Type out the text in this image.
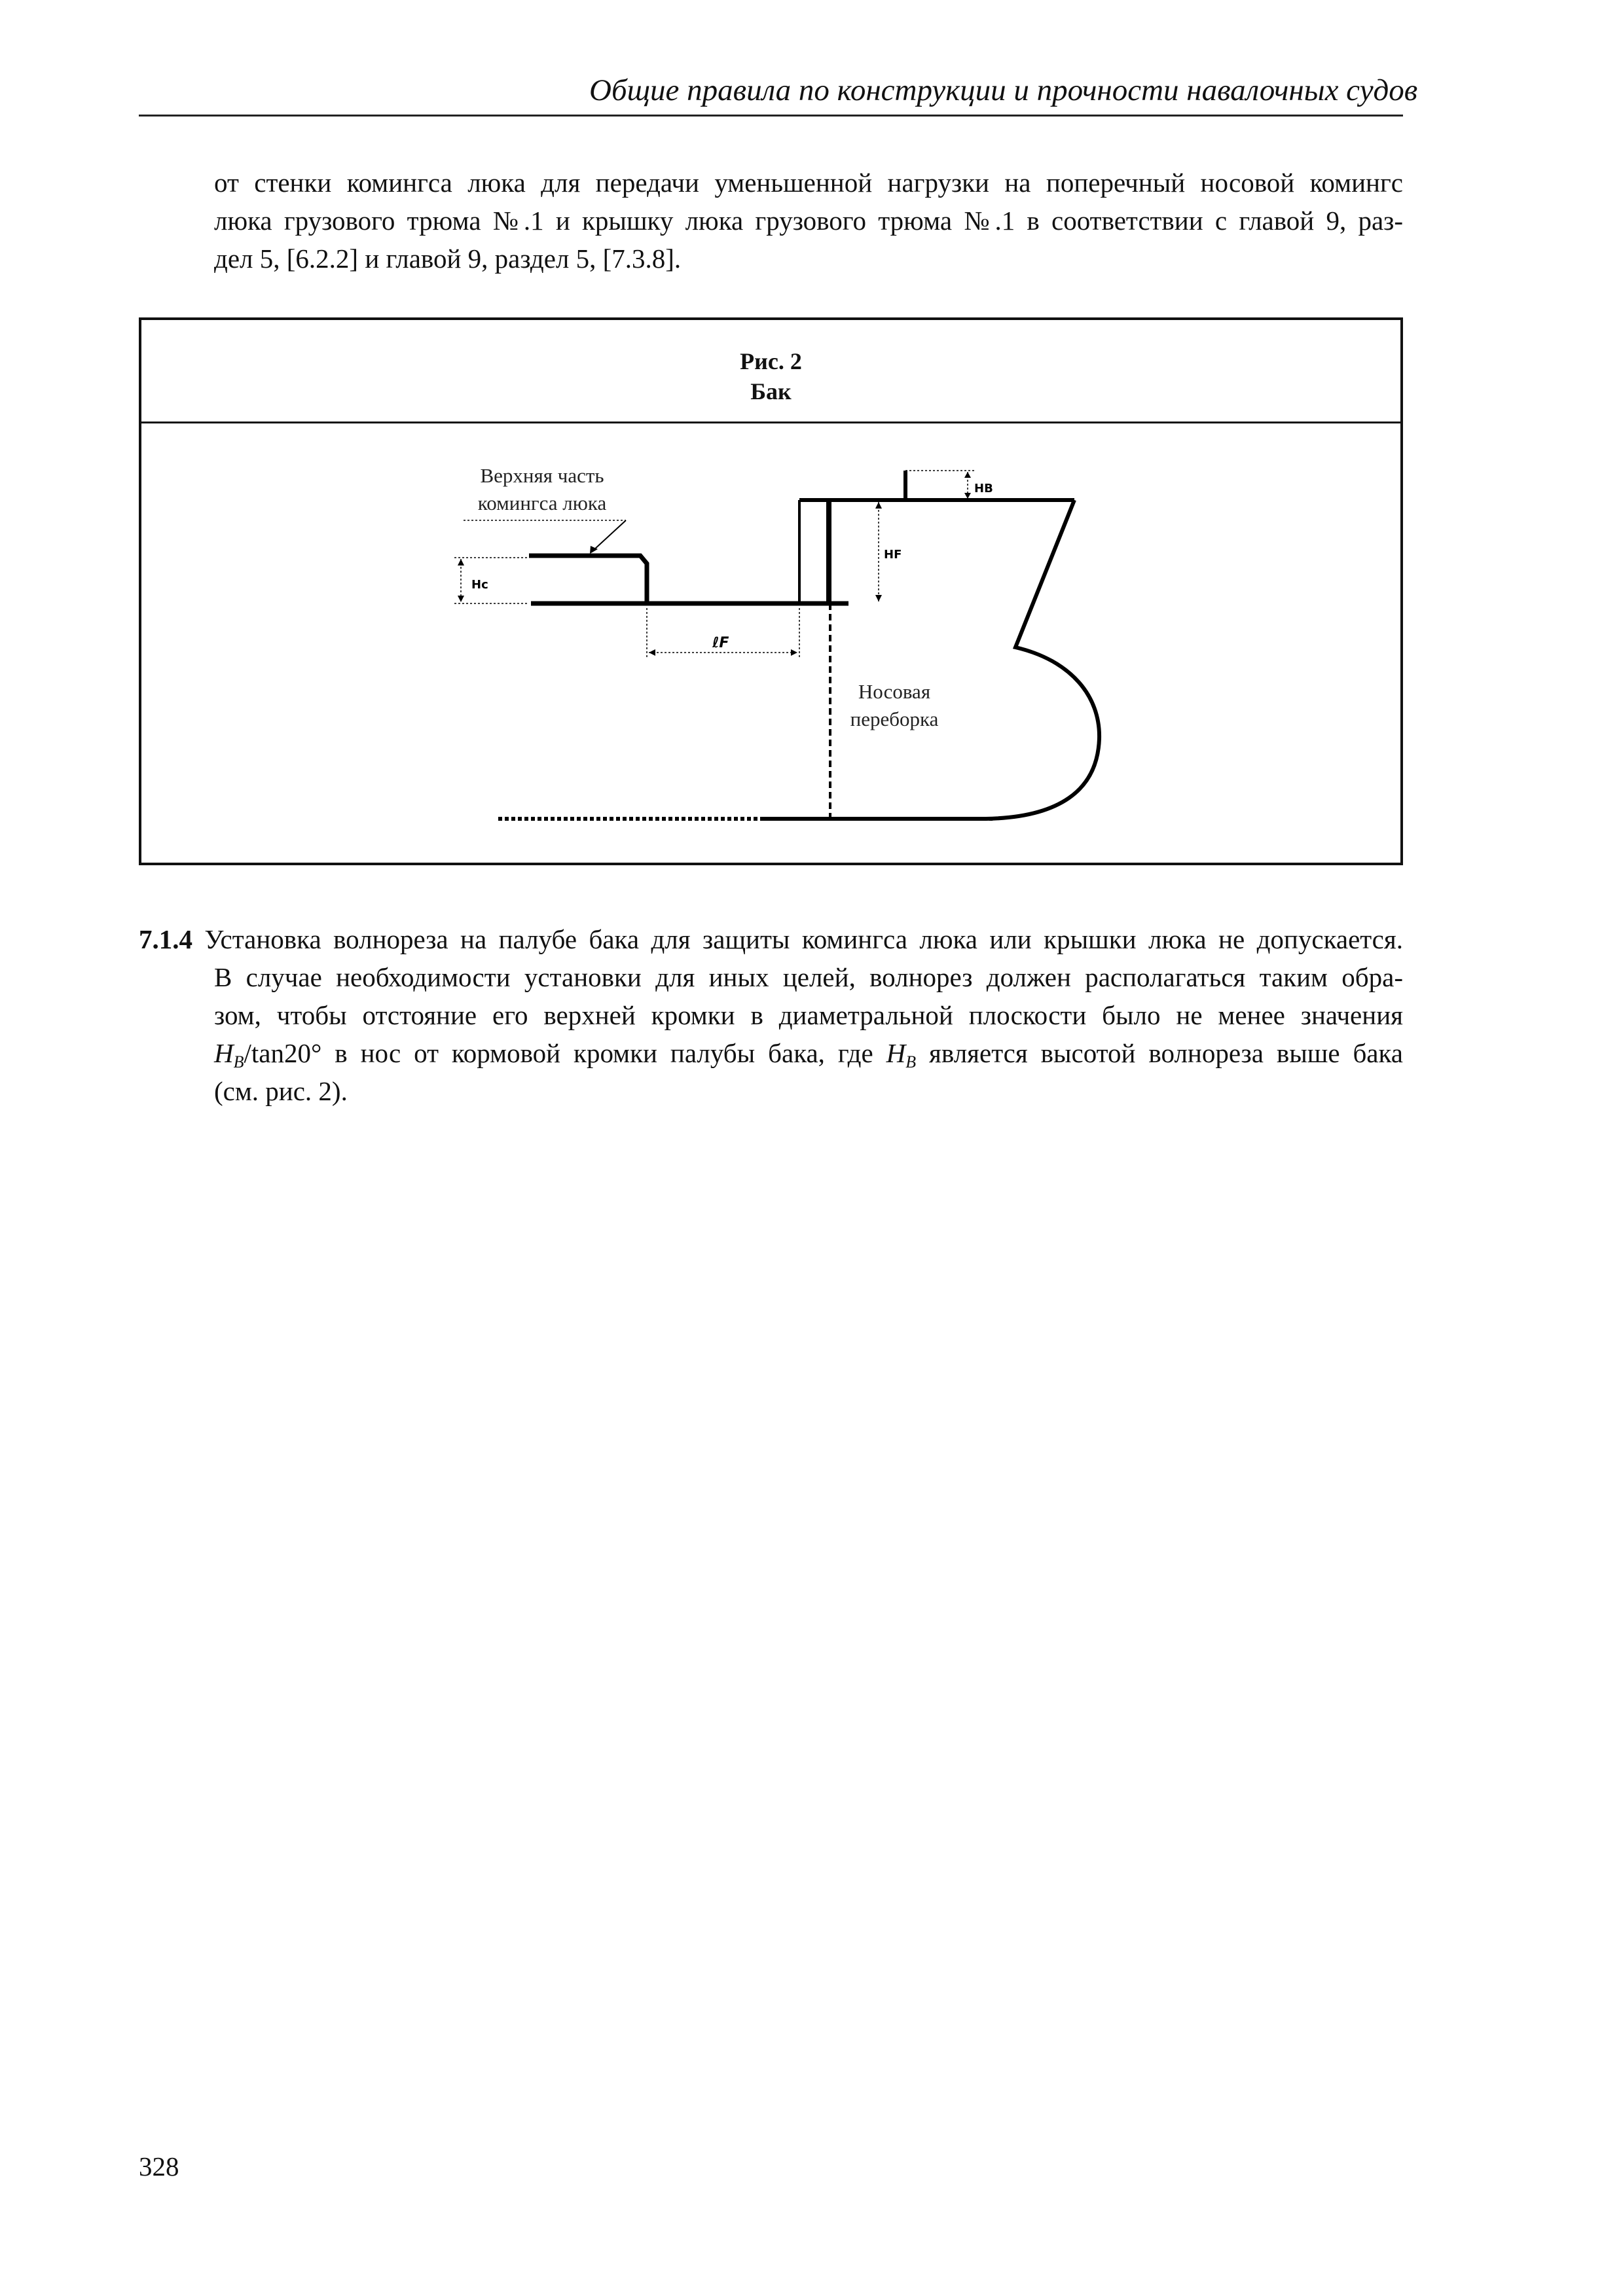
Общие правила по конструкции и прочности навалочных судов
от стенки комингса люка для передачи уменьшенной нагрузки на поперечный носовой комингс
люка грузового трюма №.1 и крышку люка грузового трюма №.1 в соответствии с главой 9, раз-
дел 5, [6.2.2] и главой 9, раздел 5, [7.3.8].
Рис. 2
Бак
Hc
ℓF
HF
HB
Верхняя часть
комингса люка
Носовая
переборка
7.1.4 Установка волнореза на палубе бака для защиты комингса люка или крышки люка не допускается.
В случае необходимости установки для иных целей, волнорез должен располагаться таким обра-
зом, чтобы отстояние его верхней кромки в диаметральной плоскости было не менее значения
$H_B/\tan 20^\circ$ в нос от кормовой кромки палубы бака, где $H_B$ является высотой волнореза выше бака
(см. рис. 2).
328
